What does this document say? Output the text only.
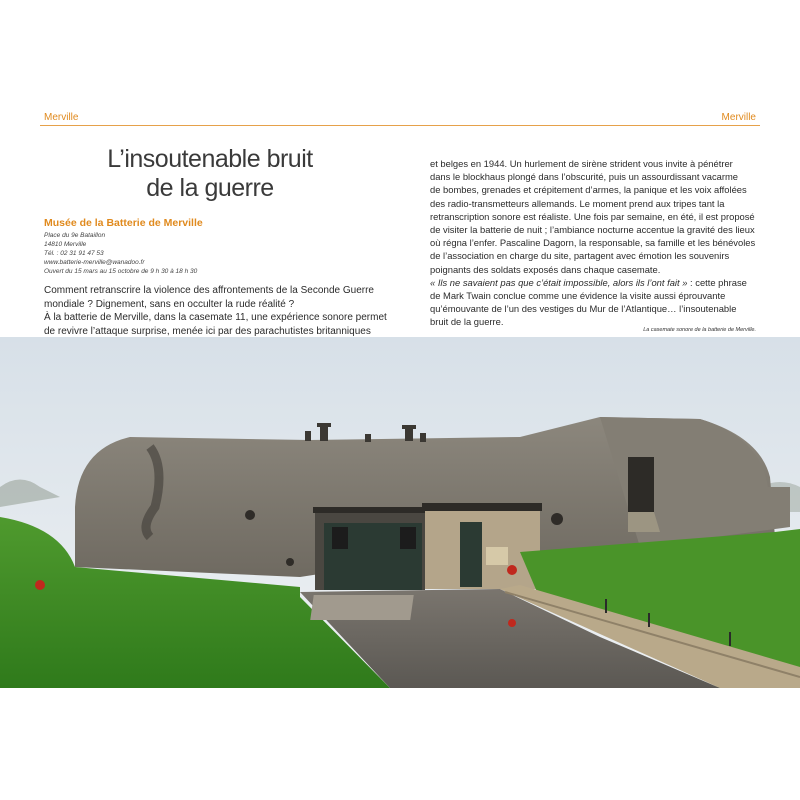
Merville	Merville
L’insoutenable bruit
de la guerre
Musée de la Batterie de Merville
Place du 9e Bataillon
14810 Merville
Tél. : 02 31 91 47 53
www.batterie-merville@wanadoo.fr
Ouvert du 15 mars au 15 octobre de 9 h 30 à 18 h 30
Comment retranscrire la violence des affrontements de la Seconde Guerre
mondiale ? Dignement, sans en occulter la rude réalité ?
À la batterie de Merville, dans la casemate 11, une expérience sonore permet
de revivre l’attaque surprise, menée ici par des parachutistes britanniques
et belges en 1944. Un hurlement de sirène strident vous invite à pénétrer
dans le blockhaus plongé dans l’obscurité, puis un assourdissant vacarme
de bombes, grenades et crépitement d’armes, la panique et les voix affolées
des radio-transmetteurs allemands. Le moment prend aux tripes tant la
retranscription sonore est réaliste. Une fois par semaine, en été, il est proposé
de visiter la batterie de nuit ; l’ambiance nocturne accentue la gravité des lieux
où régna l’enfer. Pascaline Dagorn, la responsable, sa famille et les bénévoles
de l’association en charge du site, partagent avec émotion les souvenirs
poignants des soldats exposés dans chaque casemate.
« Ils ne savaient pas que c’était impossible, alors ils l’ont fait » : cette phrase
de Mark Twain conclue comme une évidence la visite aussi éprouvante
qu’émouvante de l’un des vestiges du Mur de l’Atlantique… l’insoutenable
bruit de la guerre.
La casemate sonore de la batterie de Merville.
